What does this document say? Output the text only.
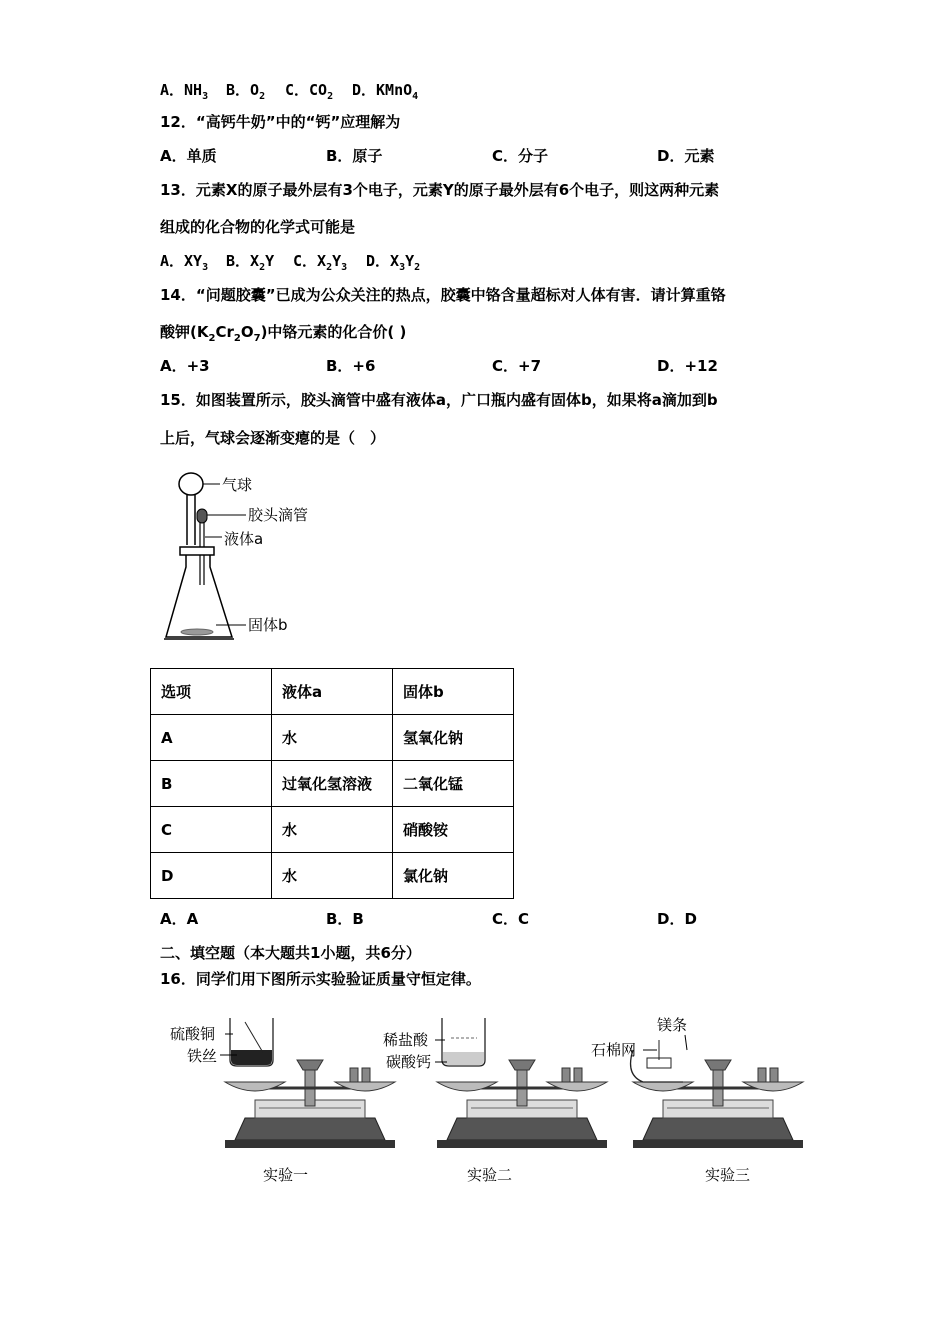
A．$NH_3$ B．$O_2$ C．$CO_2$ D．KMnO$_4$
12．“高钙牛奶”中的“钙”应理解为
A．单质	B．原子	C．分子	D．元素
13．元素X的原子最外层有3个电子，元素Y的原子最外层有6个电子，则这两种元素
组成的化合物的化学式可能是
A．$XY_3$ B．$X_2Y$ C．$X_2Y_3$ D．$X_3Y_2$
14．“问题胶囊”已成为公众关注的热点，胶囊中铬含量超标对人体有害．请计算重铬
酸钾$(K_2Cr_2O_7)$中铬元素的化合价( )
A．+3	B．+6	C．+7	D．+12
15．如图装置所示，胶头滴管中盛有液体a，广口瓶内盛有固体b，如果将a滴加到b
上后，气球会逐渐变瘪的是（　）
气球
胶头滴管
液体a
固体b
选项	液体a	固体b
A	水	氢氧化钠
B	过氧化氢溶液	二氧化锰
C	水	硝酸铵
D	水	氯化钠
A．A	B．B	C．C	D．D
二、填空题（本大题共1小题，共6分）
16．同学们用下图所示实验验证质量守恒定律。
硫酸铜
铁丝
实验一
稀盐酸
碳酸钙
实验二
镁条
石棉网
实验三
